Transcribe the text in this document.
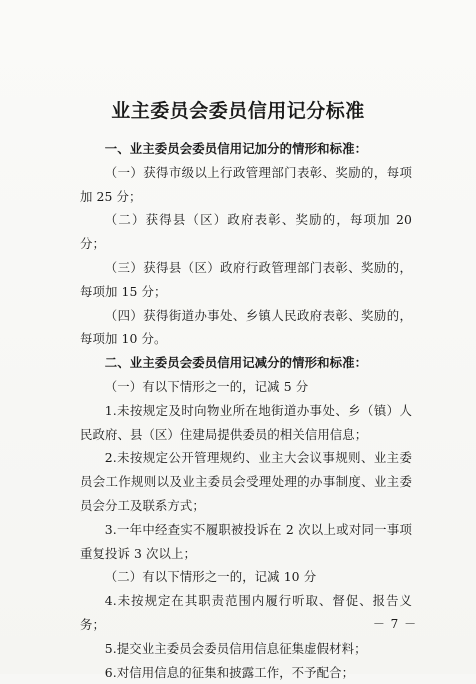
业主委员会委员信用记分标准

一、业主委员会委员信用记加分的情形和标准：

（一）获得市级以上行政管理部门表彰、奖励的，每项加 25 分；

（二）获得县（区）政府表彰、奖励的，每项加 20 分；

（三）获得县（区）政府行政管理部门表彰、奖励的，每项加 15 分；

（四）获得街道办事处、乡镇人民政府表彰、奖励的，每项加 10 分。

二、业主委员会委员信用记减分的情形和标准：

（一）有以下情形之一的，记减 5 分

1.未按规定及时向物业所在地街道办事处、乡（镇）人民政府、县（区）住建局提供委员的相关信用信息；

2.未按规定公开管理规约、业主大会议事规则、业主委员会工作规则以及业主委员会受理处理的办事制度、业主委员会分工及联系方式；

3.一年中经查实不履职被投诉在 2 次以上或对同一事项重复投诉 3 次以上；

（二）有以下情形之一的，记减 10 分

4.未按规定在其职责范围内履行听取、督促、报告义务；

5.提交业主委员会委员信用信息征集虚假材料；

6.对信用信息的征集和披露工作，不予配合；

－ 7 －
